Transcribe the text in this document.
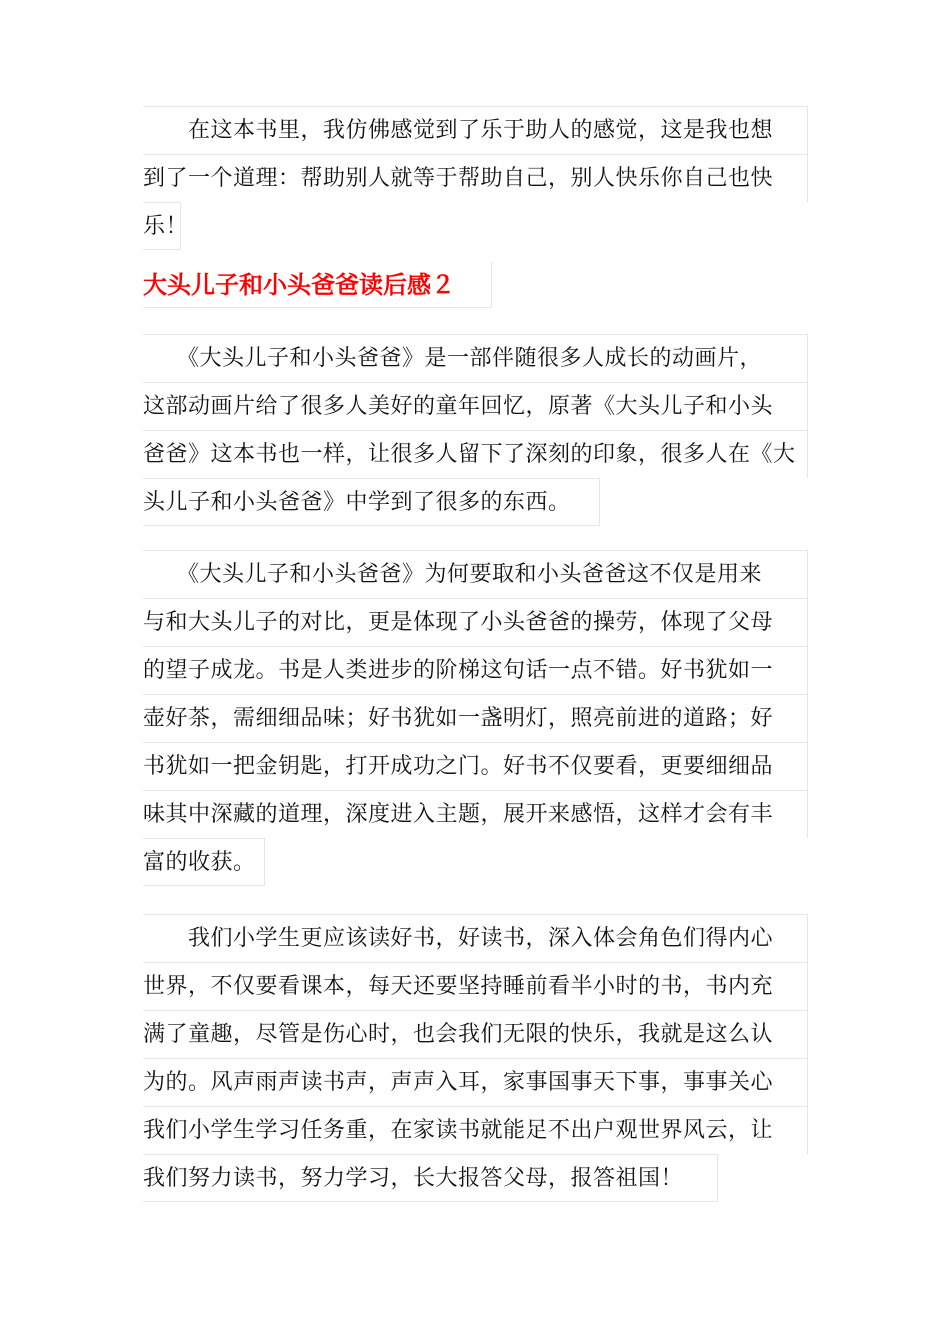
　　在这本书里，我仿佛感觉到了乐于助人的感觉，这是我也想
到了一个道理：帮助别人就等于帮助自己，别人快乐你自己也快
乐！
大头儿子和小头爸爸读后感２
　　《大头儿子和小头爸爸》是一部伴随很多人成长的动画片，
这部动画片给了很多人美好的童年回忆，原著《大头儿子和小头
爸爸》这本书也一样，让很多人留下了深刻的印象，很多人在《大
头儿子和小头爸爸》中学到了很多的东西。
　　《大头儿子和小头爸爸》为何要取和小头爸爸这不仅是用来
与和大头儿子的对比，更是体现了小头爸爸的操劳，体现了父母
的望子成龙。书是人类进步的阶梯这句话一点不错。好书犹如一
壶好茶，需细细品味；好书犹如一盏明灯，照亮前进的道路；好
书犹如一把金钥匙，打开成功之门。好书不仅要看，更要细细品
味其中深藏的道理，深度进入主题，展开来感悟，这样才会有丰
富的收获。
　　我们小学生更应该读好书，好读书，深入体会角色们得内心
世界，不仅要看课本，每天还要坚持睡前看半小时的书，书内充
满了童趣，尽管是伤心时，也会我们无限的快乐，我就是这么认
为的。风声雨声读书声，声声入耳，家事国事天下事，事事关心
我们小学生学习任务重，在家读书就能足不出户观世界风云，让
我们努力读书，努力学习，长大报答父母，报答祖国！
